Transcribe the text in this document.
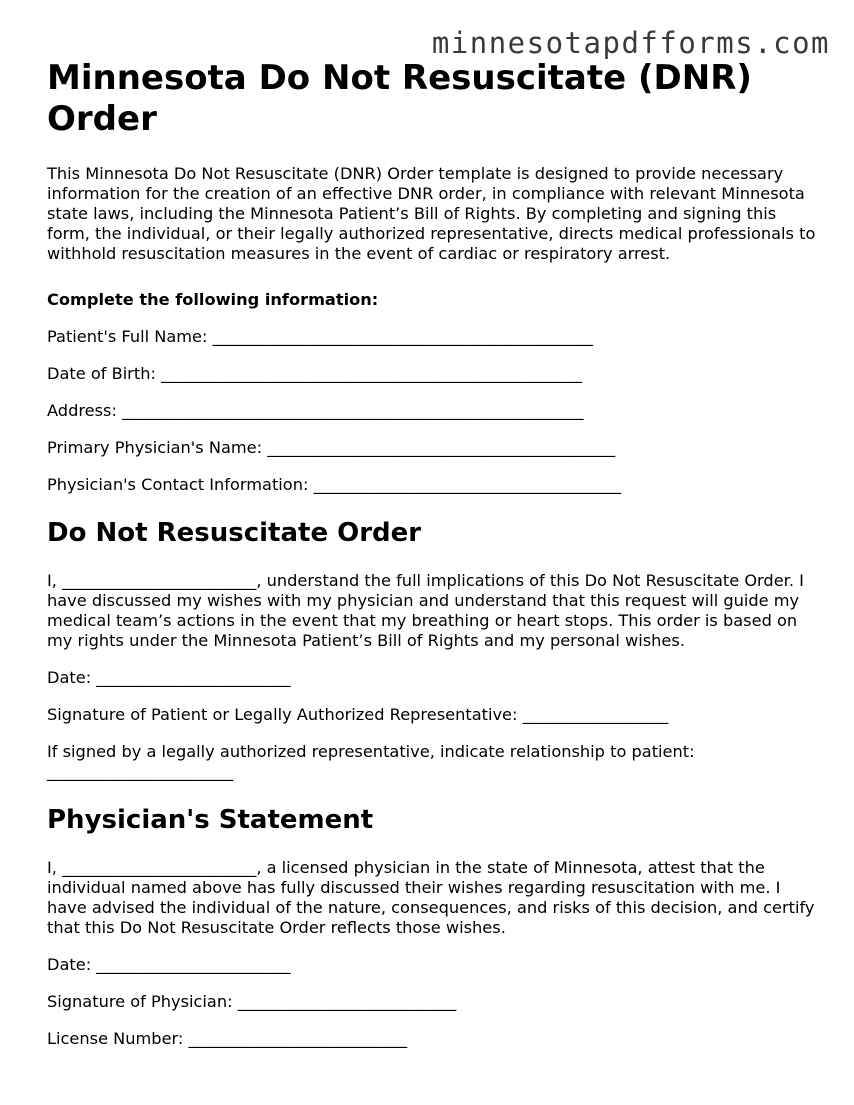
minnesotapdfforms.com
Minnesota Do Not Resuscitate (DNR) Order

This Minnesota Do Not Resuscitate (DNR) Order template is designed to provide necessary information for the creation of an effective DNR order, in compliance with relevant Minnesota state laws, including the Minnesota Patient’s Bill of Rights. By completing and signing this form, the individual, or their legally authorized representative, directs medical professionals to withhold resuscitation measures in the event of cardiac or respiratory arrest.

Complete the following information:

Patient's Full Name: _______________________________________________

Date of Birth: ____________________________________________________

Address: _________________________________________________________

Primary Physician's Name: ___________________________________________

Physician's Contact Information: ______________________________________

Do Not Resuscitate Order

I, ________________________, understand the full implications of this Do Not Resuscitate Order. I have discussed my wishes with my physician and understand that this request will guide my medical team’s actions in the event that my breathing or heart stops. This order is based on my rights under the Minnesota Patient’s Bill of Rights and my personal wishes.

Date: ________________________

Signature of Patient or Legally Authorized Representative: __________________

If signed by a legally authorized representative, indicate relationship to patient: _______________________

Physician's Statement

I, ________________________, a licensed physician in the state of Minnesota, attest that the individual named above has fully discussed their wishes regarding resuscitation with me. I have advised the individual of the nature, consequences, and risks of this decision, and certify that this Do Not Resuscitate Order reflects those wishes.

Date: ________________________

Signature of Physician: ___________________________

License Number: ___________________________
